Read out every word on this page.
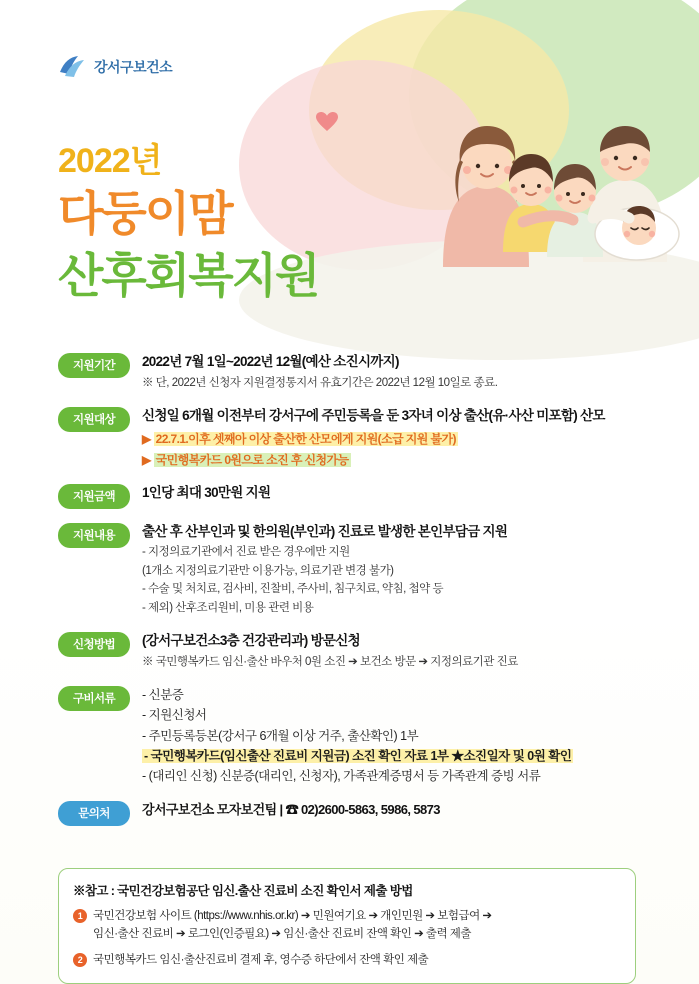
강서구보건소
2022년
다둥이맘
산후회복지원
지원기간	2022년 7월 1일~2022년 12월(예산 소진시까지)
※ 단, 2022년 신청자 지원결정통지서 유효기간은 2022년 12월 10일로 종료.
지원대상	신청일 6개월 이전부터 강서구에 주민등록을 둔 3자녀 이상 출산(유·사산 미포함) 산모
▶ 22.7.1.이후 셋째아 이상 출산한 산모에게 지원(소급 지원 불가)
▶ 국민행복카드 0원으로 소진 후 신청가능
지원금액	1인당 최대 30만원 지원
지원내용	출산 후 산부인과 및 한의원(부인과) 진료로 발생한 본인부담금 지원
- 지정의료기관에서 진료 받은 경우에만 지원
(1개소 지정의료기관만 이용가능, 의료기관 변경 불가)
- 수술 및 처치료, 검사비, 진찰비, 주사비, 침구치료, 약침, 첩약 등
- 제외) 산후조리원비, 미용 관련 비용
신청방법	(강서구보건소3층 건강관리과) 방문신청
※ 국민행복카드 임신·출산 바우처 0원 소진 ➔ 보건소 방문 ➔ 지정의료기관 진료
구비서류	- 신분증
- 지원신청서
- 주민등록등본(강서구 6개월 이상 거주, 출산확인) 1부
- 국민행복카드(임신출산 진료비 지원금) 소진 확인 자료 1부 ★소진일자 및 0원 확인
- (대리인 신청) 신분증(대리인, 신청자), 가족관계증명서 등 가족관계 증빙 서류
문의처	강서구보건소 모자보건팀 | ☎ 02)2600-5863, 5986, 5873
※참고 : 국민건강보험공단 임신.출산 진료비 소진 확인서 제출 방법
1 국민건강보험 사이트 (https://www.nhis.or.kr) ➔ 민원여기요 ➔ 개인민원 ➔ 보험급여 ➔
임신·출산 진료비 ➔ 로그인(인증필요) ➔ 임신·출산 진료비 잔액 확인 ➔ 출력 제출
2 국민행복카드 임신·출산진료비 결제 후, 영수증 하단에서 잔액 확인 제출
